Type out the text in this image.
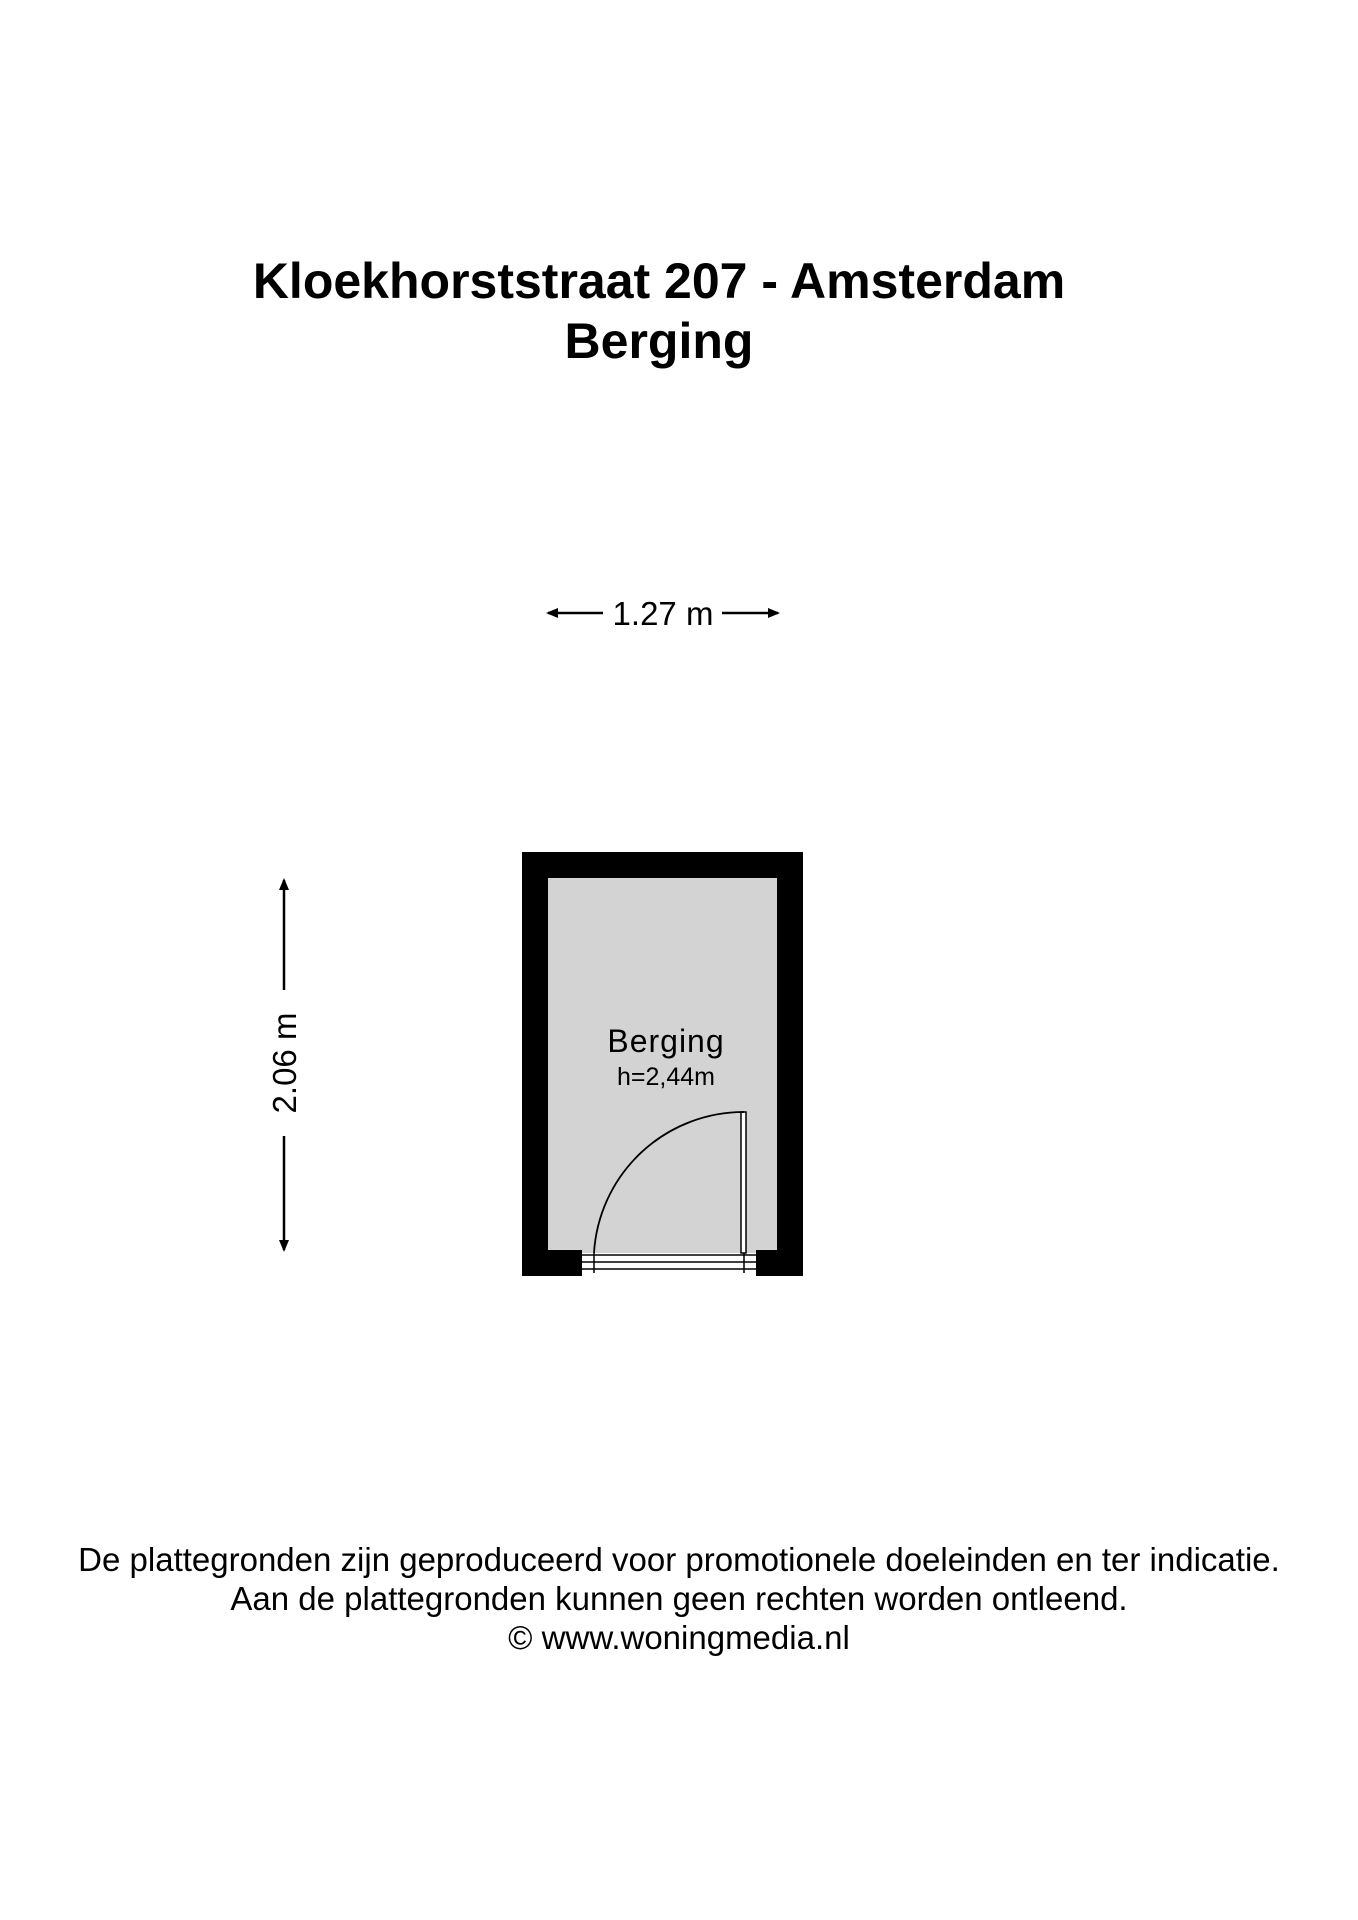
Kloekhorststraat 207 - Amsterdam
Berging
1.27 m
2.06 m	Berging
h=2,44m
De plattegronden zijn geproduceerd voor promotionele doeleinden en ter indicatie.
Aan de plattegronden kunnen geen rechten worden ontleend.
© www.woningmedia.nl
